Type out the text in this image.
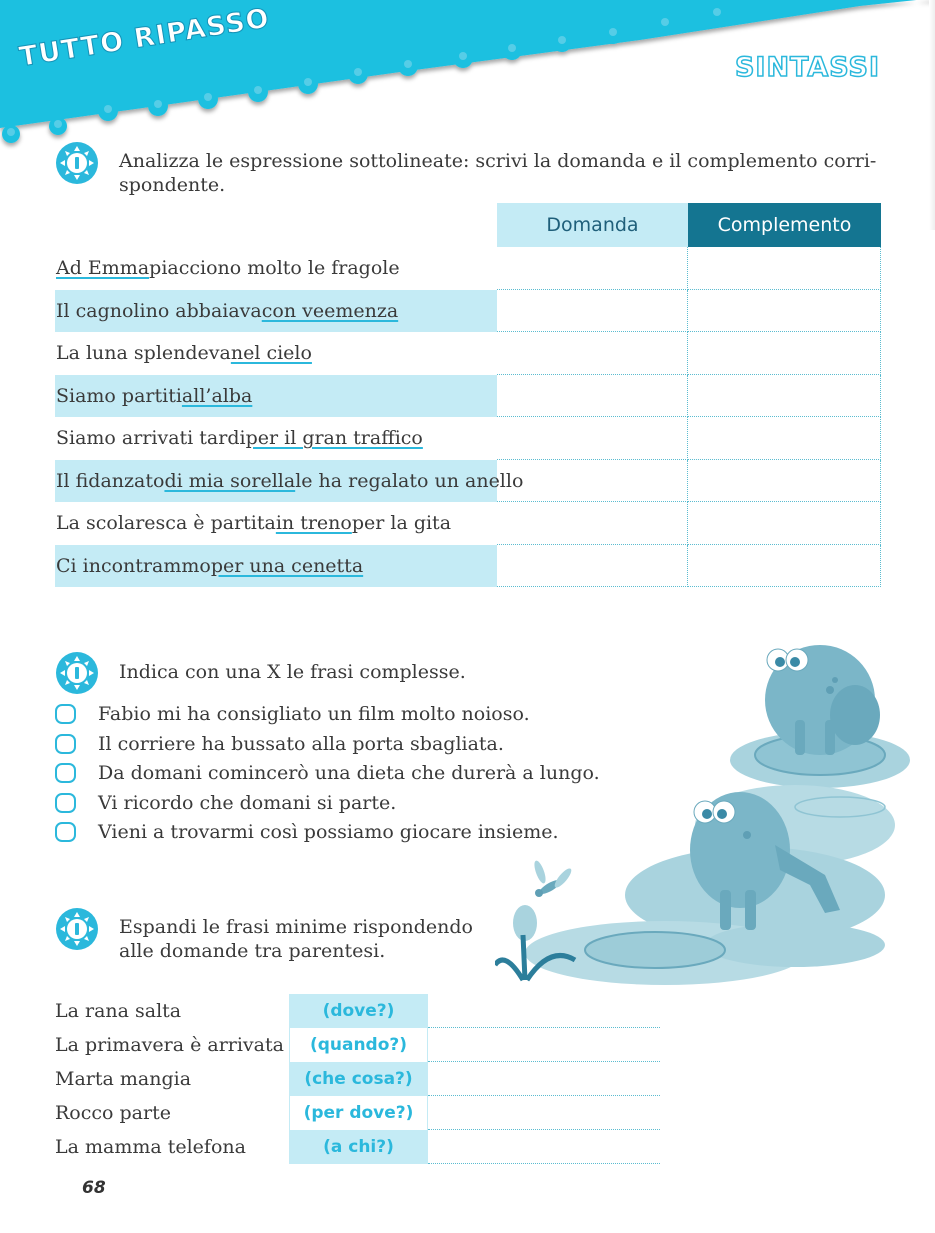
TUTTO RIPASSO	SINTASSI
Analizza le espressione sottolineate: scrivi la domanda e il complemento corri-
spondente.
Domanda	Complemento
Ad Emma piacciono molto le fragole
Il cagnolino abbaiava con veemenza
La luna splendeva nel cielo
Siamo partiti all’alba
Siamo arrivati tardi per il gran traffico
Il fidanzato di mia sorella le ha regalato un anello
La scolaresca è partita in treno per la gita
Ci incontrammo per una cenetta
Indica con una X le frasi complesse.
Fabio mi ha consigliato un film molto noioso.
Il corriere ha bussato alla porta sbagliata.
Da domani comincerò una dieta che durerà a lungo.
Vi ricordo che domani si parte.
Vieni a trovarmi così possiamo giocare insieme.
Espandi le frasi minime rispondendo
alle domande tra parentesi.
La rana salta	(dove?)
La primavera è arrivata	(quando?)
Marta mangia	(che cosa?)
Rocco parte	(per dove?)
La mamma telefona	(a chi?)
68
